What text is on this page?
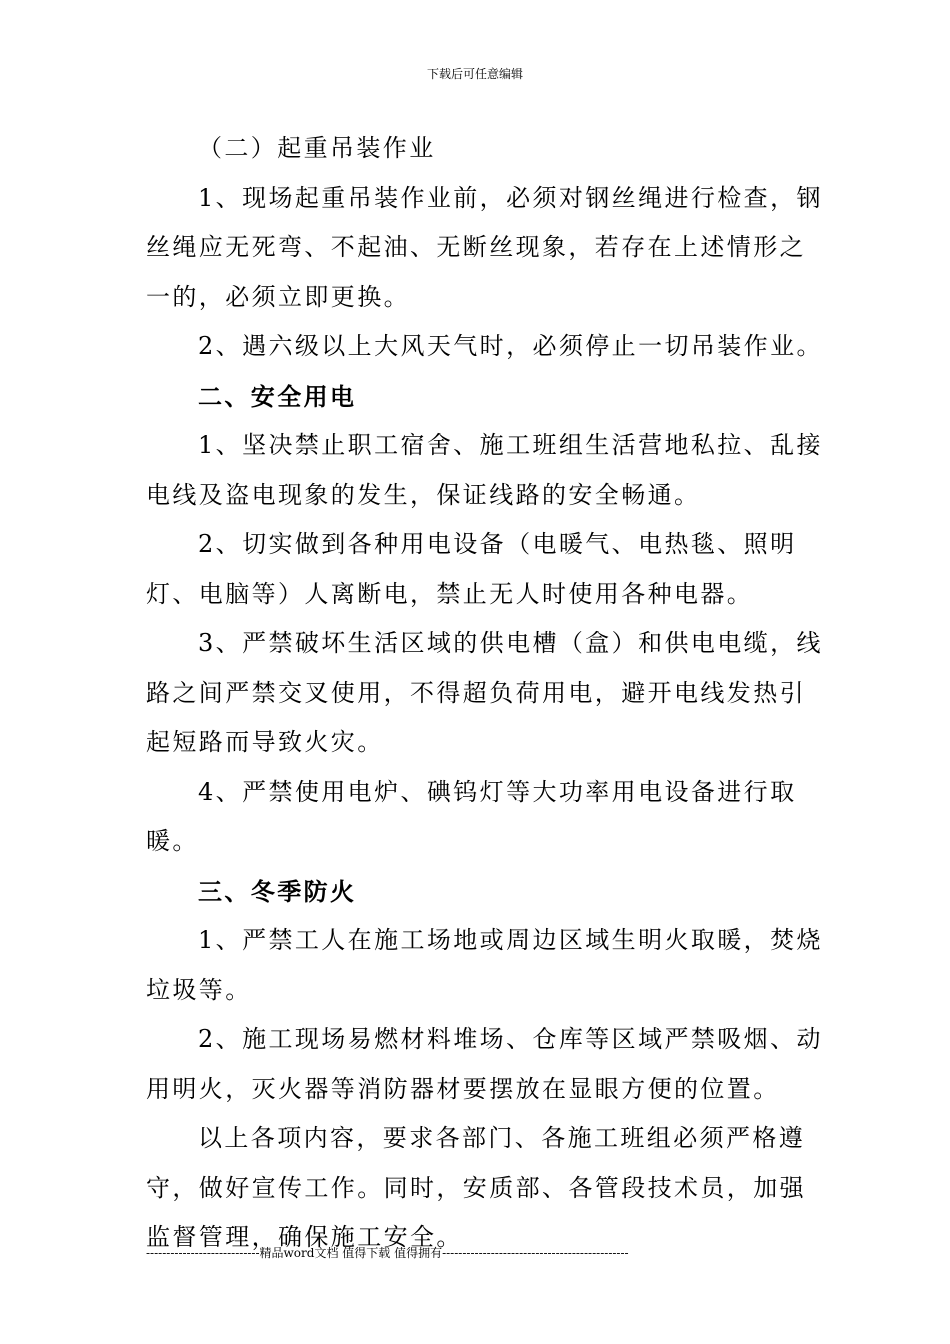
下载后可任意编辑

（二）起重吊装作业

1、现场起重吊装作业前，必须对钢丝绳进行检查，钢丝绳应无死弯、不起油、无断丝现象，若存在上述情形之一的，必须立即更换。

2、遇六级以上大风天气时，必须停止一切吊装作业。

二、安全用电

1、坚决禁止职工宿舍、施工班组生活营地私拉、乱接电线及盗电现象的发生，保证线路的安全畅通。

2、切实做到各种用电设备（电暖气、电热毯、照明灯、电脑等）人离断电，禁止无人时使用各种电器。

3、严禁破坏生活区域的供电槽（盒）和供电电缆，线路之间严禁交叉使用，不得超负荷用电，避开电线发热引起短路而导致火灾。

4、严禁使用电炉、碘钨灯等大功率用电设备进行取暖。

三、冬季防火

1、严禁工人在施工场地或周边区域生明火取暖，焚烧垃圾等。

2、施工现场易燃材料堆场、仓库等区域严禁吸烟、动用明火，灭火器等消防器材要摆放在显眼方便的位置。

以上各项内容，要求各部门、各施工班组必须严格遵守，做好宣传工作。同时，安质部、各管段技术员，加强监督管理，确保施工安全。

----------------------------精品word文档 值得下载 值得拥有----------------------------------------------
